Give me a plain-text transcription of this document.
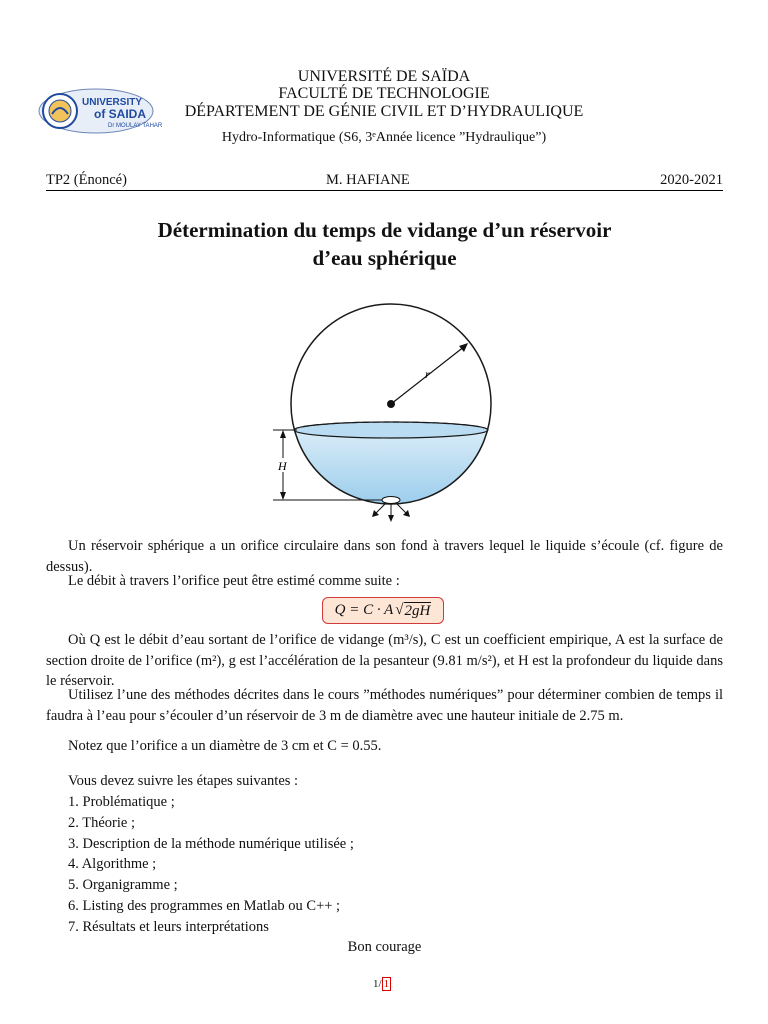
UNIVERSITY
of SAIDA
Dr MOULAY TAHAR
UNIVERSITÉ DE SAÏDA
FACULTÉ DE TECHNOLOGIE
DÉPARTEMENT DE GÉNIE CIVIL ET D’HYDRAULIQUE
Hydro-Informatique (S6, 3ᵉAnnée licence ”Hydraulique”)
TP2 (Énoncé)	M. HAFIANE	2020-2021
Détermination du temps de vidange d’un réservoir
d’eau sphérique
r
H
Un réservoir sphérique a un orifice circulaire dans son fond à travers lequel le liquide s’écoule (cf. figure de dessus).
Le débit à travers l’orifice peut être estimé comme suite :
Q = C · A √ 2gH
Où Q est le débit d’eau sortant de l’orifice de vidange (m³/s), C est un coefficient empirique, A est la surface de section droite de l’orifice (m²), g est l’accélération de la pesanteur (9.81 m/s²), et H est la profondeur du liquide dans le réservoir.
Utilisez l’une des méthodes décrites dans le cours ”méthodes numériques” pour déterminer combien de temps il faudra à l’eau pour s’écouler d’un réservoir de 3 m de diamètre avec une hauteur initiale de 2.75 m.
Notez que l’orifice a un diamètre de 3 cm et C = 0.55.
Vous devez suivre les étapes suivantes :
1. Problématique ;
2. Théorie ;
3. Description de la méthode numérique utilisée ;
4. Algorithme ;
5. Organigramme ;
6. Listing des programmes en Matlab ou C++ ;
7. Résultats et leurs interprétations
Bon courage
1/ 1
